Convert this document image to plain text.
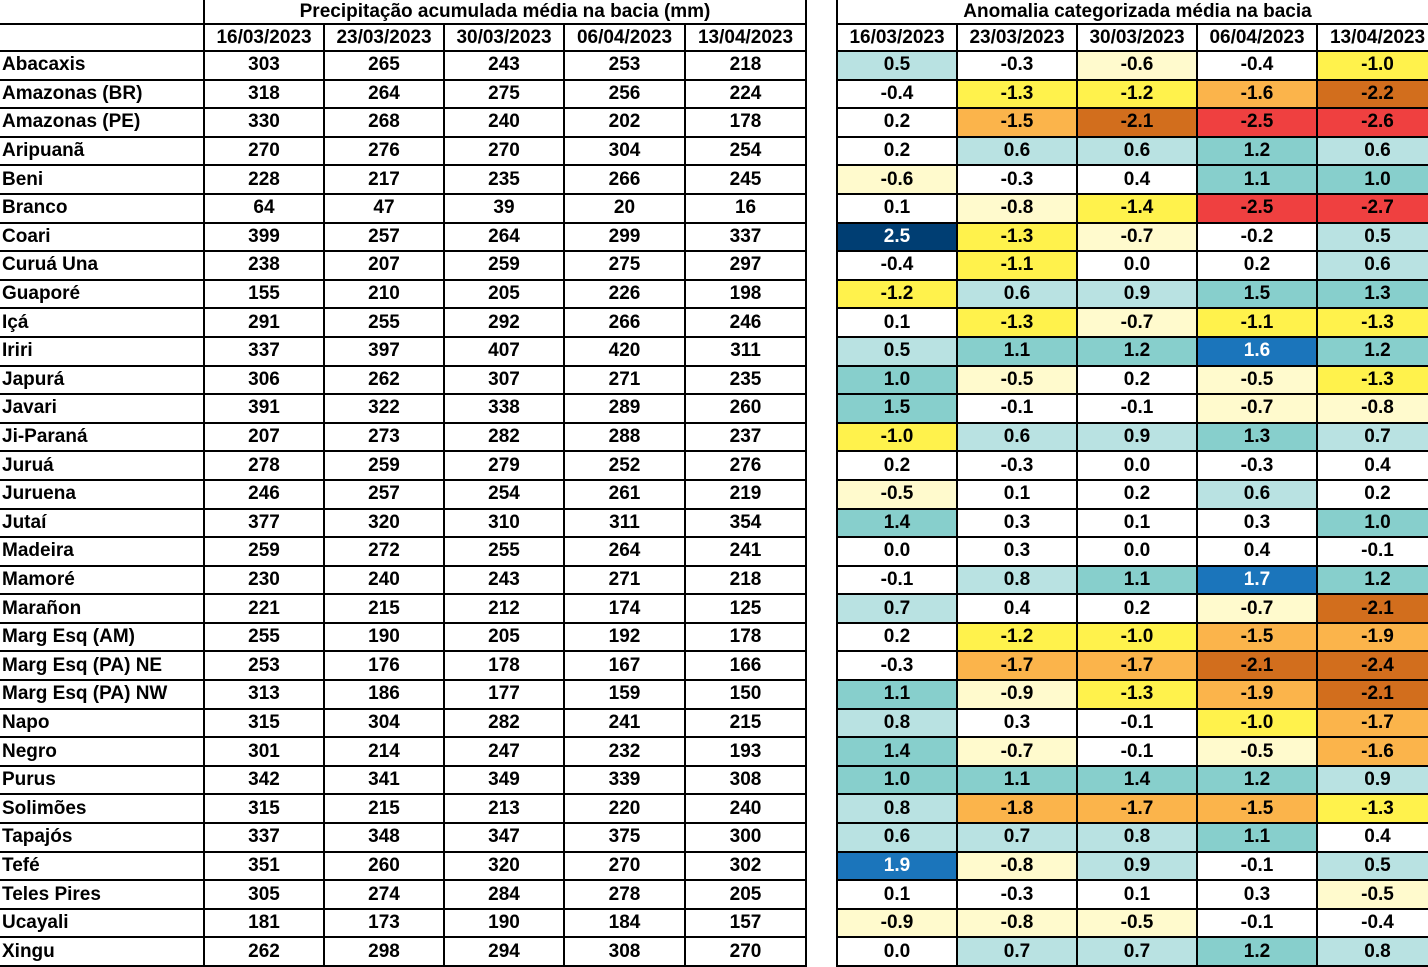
	Precipitação acumulada média na bacia (mm)				
	16/03/2023	23/03/2023	30/03/2023	06/04/2023	13/04/2023
Abacaxis	303	265	243	253	218
Amazonas (BR)	318	264	275	256	224
Amazonas (PE)	330	268	240	202	178
Aripuanã	270	276	270	304	254
Beni	228	217	235	266	245
Branco	64	47	39	20	16
Coari	399	257	264	299	337
Curuá Una	238	207	259	275	297
Guaporé	155	210	205	226	198
Içá	291	255	292	266	246
Iriri	337	397	407	420	311
Japurá	306	262	307	271	235
Javari	391	322	338	289	260
Ji-Paraná	207	273	282	288	237
Juruá	278	259	279	252	276
Juruena	246	257	254	261	219
Jutaí	377	320	310	311	354
Madeira	259	272	255	264	241
Mamoré	230	240	243	271	218
Marañon	221	215	212	174	125
Marg Esq (AM)	255	190	205	192	178
Marg Esq (PA) NE	253	176	178	167	166
Marg Esq (PA) NW	313	186	177	159	150
Napo	315	304	282	241	215
Negro	301	214	247	232	193
Purus	342	341	349	339	308
Solimões	315	215	213	220	240
Tapajós	337	348	347	375	300
Tefé	351	260	320	270	302
Teles Pires	305	274	284	278	205
Ucayali	181	173	190	184	157
Xingu	262	298	294	308	270
Anomalia categorizada média na bacia				
16/03/2023	23/03/2023	30/03/2023	06/04/2023	13/04/2023
0.5	-0.3	-0.6	-0.4	-1.0
-0.4	-1.3	-1.2	-1.6	-2.2
0.2	-1.5	-2.1	-2.5	-2.6
0.2	0.6	0.6	1.2	0.6
-0.6	-0.3	0.4	1.1	1.0
0.1	-0.8	-1.4	-2.5	-2.7
2.5	-1.3	-0.7	-0.2	0.5
-0.4	-1.1	0.0	0.2	0.6
-1.2	0.6	0.9	1.5	1.3
0.1	-1.3	-0.7	-1.1	-1.3
0.5	1.1	1.2	1.6	1.2
1.0	-0.5	0.2	-0.5	-1.3
1.5	-0.1	-0.1	-0.7	-0.8
-1.0	0.6	0.9	1.3	0.7
0.2	-0.3	0.0	-0.3	0.4
-0.5	0.1	0.2	0.6	0.2
1.4	0.3	0.1	0.3	1.0
0.0	0.3	0.0	0.4	-0.1
-0.1	0.8	1.1	1.7	1.2
0.7	0.4	0.2	-0.7	-2.1
0.2	-1.2	-1.0	-1.5	-1.9
-0.3	-1.7	-1.7	-2.1	-2.4
1.1	-0.9	-1.3	-1.9	-2.1
0.8	0.3	-0.1	-1.0	-1.7
1.4	-0.7	-0.1	-0.5	-1.6
1.0	1.1	1.4	1.2	0.9
0.8	-1.8	-1.7	-1.5	-1.3
0.6	0.7	0.8	1.1	0.4
1.9	-0.8	0.9	-0.1	0.5
0.1	-0.3	0.1	0.3	-0.5
-0.9	-0.8	-0.5	-0.1	-0.4
0.0	0.7	0.7	1.2	0.8
